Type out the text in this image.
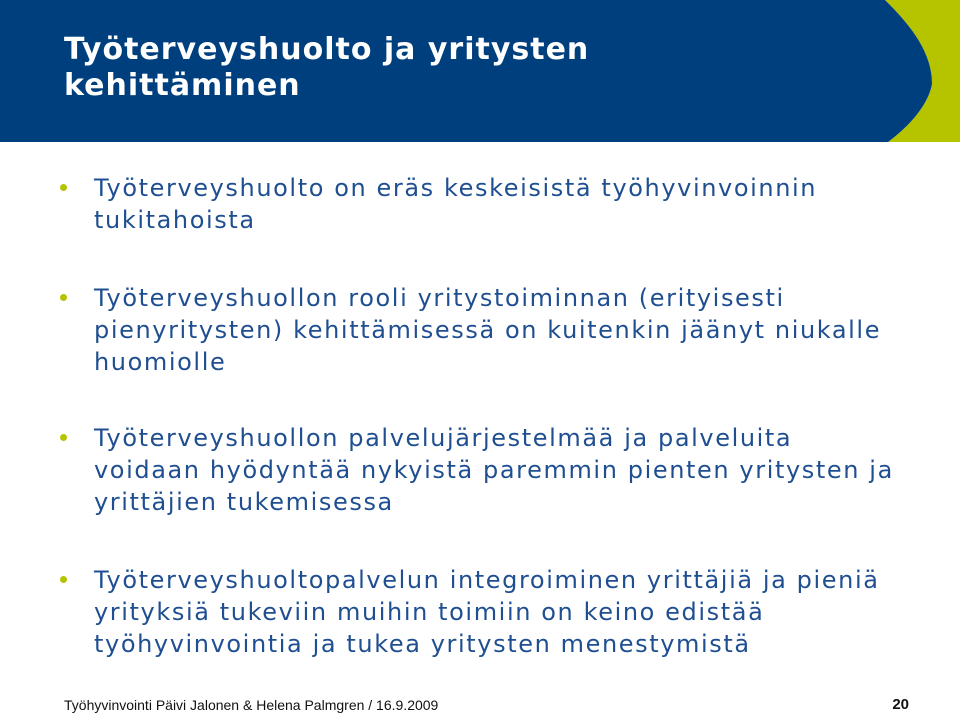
Työterveyshuolto ja yritysten kehittäminen
Työterveyshuolto on eräs keskeisistä työhyvinvoinnin tukitahoista
Työterveyshuollon rooli yritystoiminnan (erityisesti pienyritysten) kehittämisessä on kuitenkin jäänyt niukalle huomiolle
Työterveyshuollon palvelujärjestelmää ja palveluita voidaan hyödyntää nykyistä paremmin pienten yritysten ja yrittäjien tukemisessa
Työterveyshuoltopalvelun integroiminen yrittäjiä ja pieniä yrityksiä tukeviin muihin toimiin on keino edistää työhyvinvointia ja tukea yritysten menestymistä
Työhyvinvointi Päivi Jalonen & Helena Palmgren / 16.9.2009	20
